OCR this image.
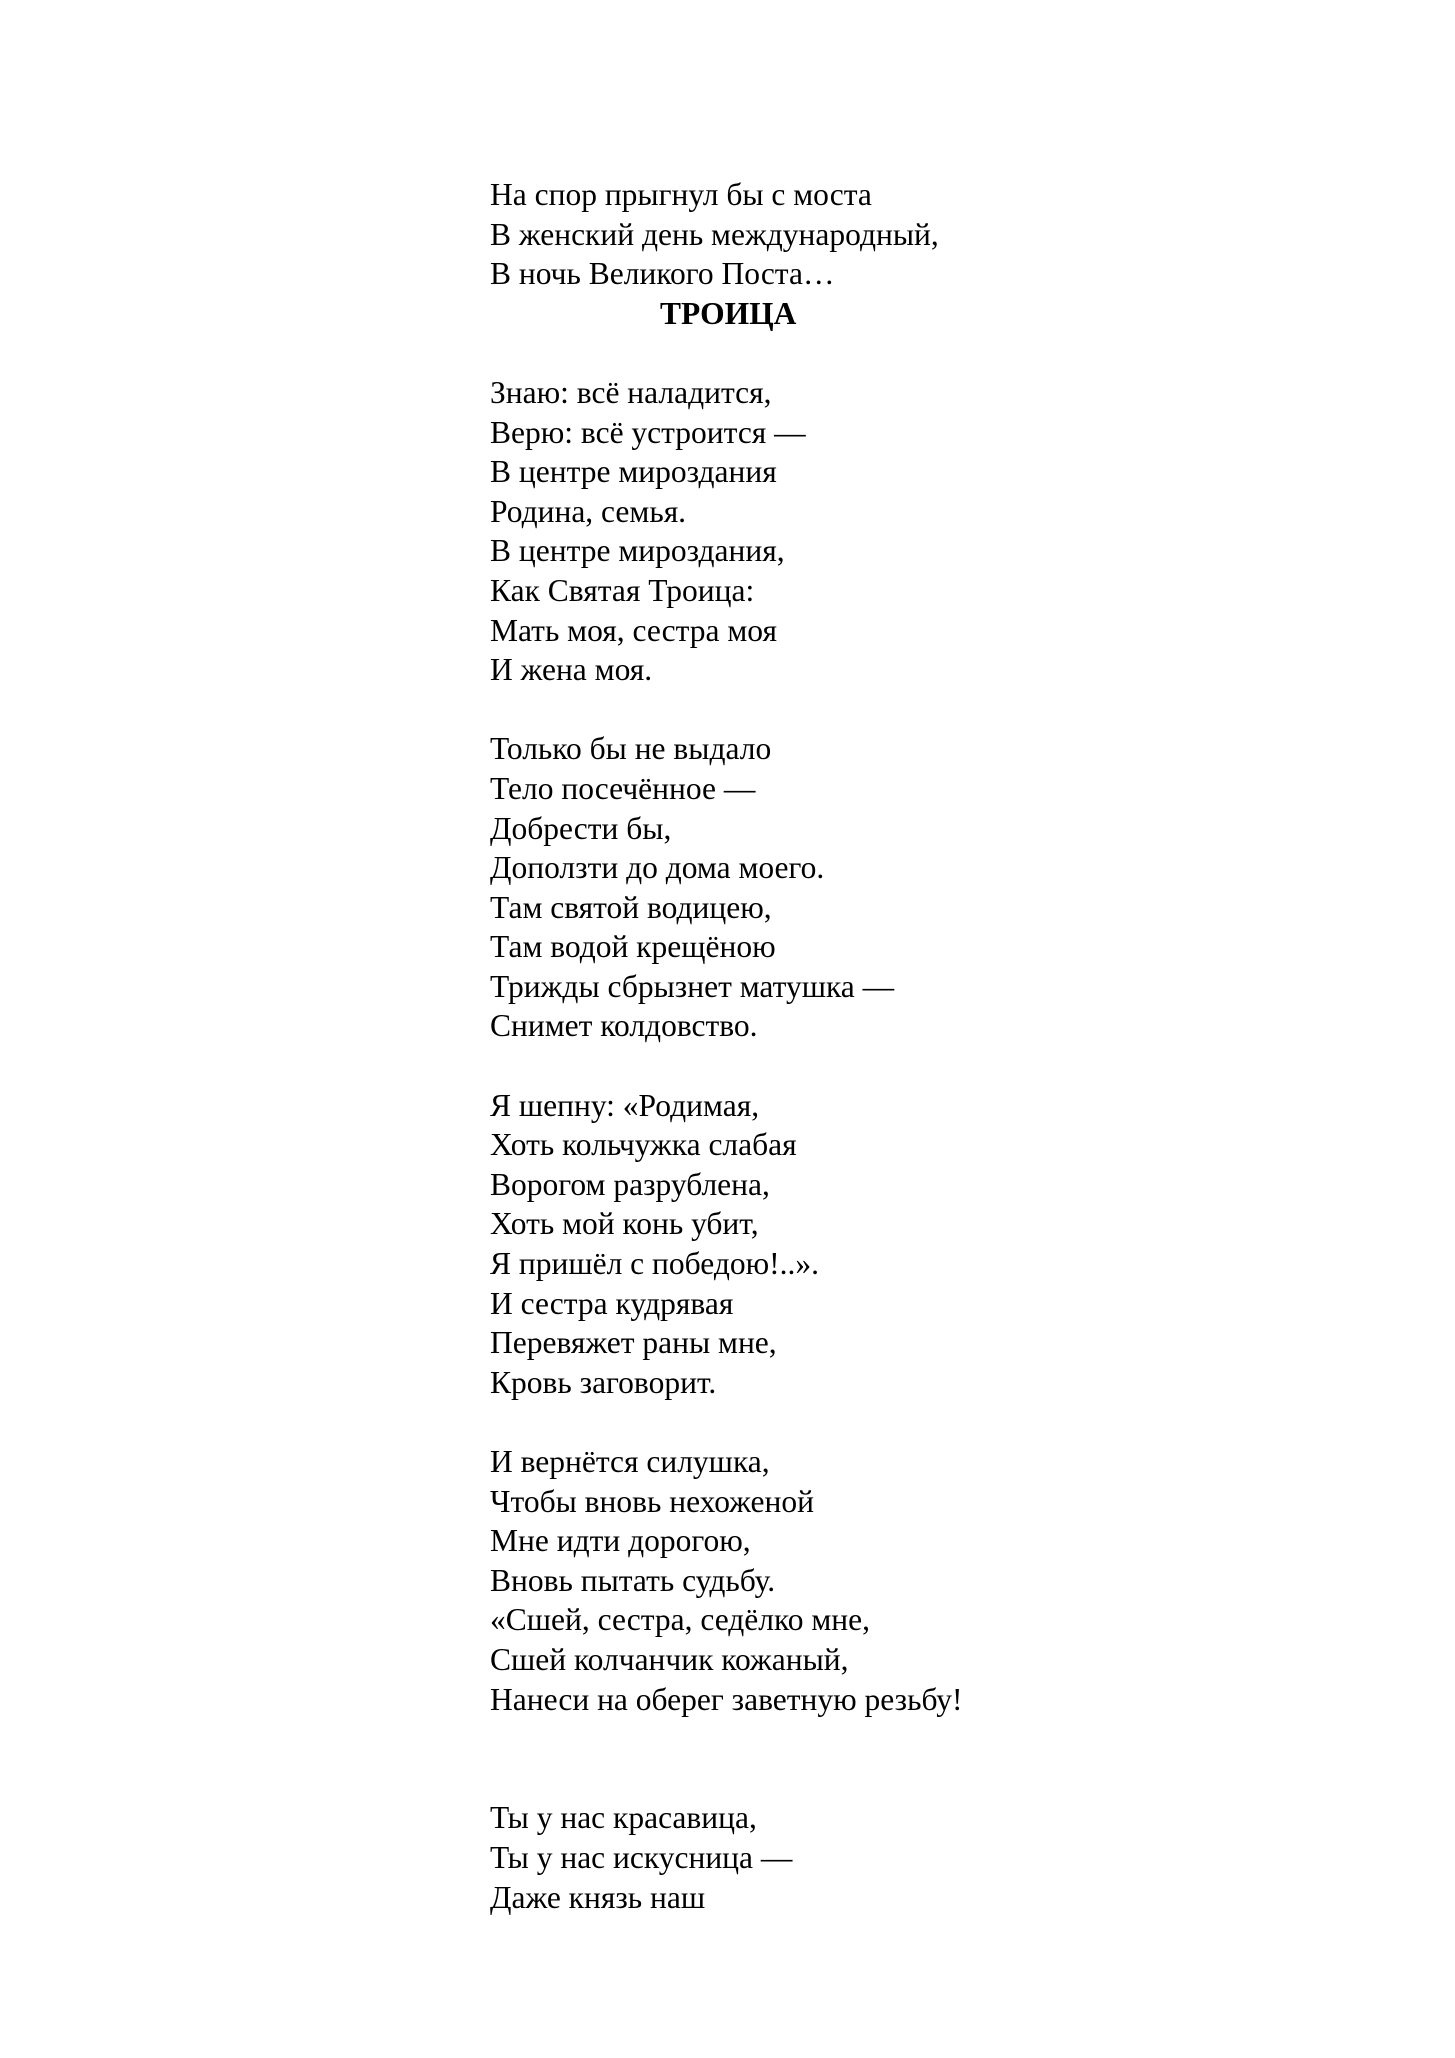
На спор прыгнул бы с моста
В женский день международный,
В ночь Великого Поста…
ТРОИЦА
Знаю: всё наладится,
Верю: всё устроится —
В центре мироздания
Родина, семья.
В центре мироздания,
Как Святая Троица:
Мать моя, сестра моя
И жена моя.
Только бы не выдало
Тело посечённое —
Добрести бы,
Доползти до дома моего.
Там святой водицею,
Там водой крещёною
Трижды сбрызнет матушка —
Снимет колдовство.
Я шепну: «Родимая,
Хоть кольчужка слабая
Ворогом разрублена,
Хоть мой конь убит,
Я пришёл с победою!..».
И сестра кудрявая
Перевяжет раны мне,
Кровь заговорит.
И вернётся силушка,
Чтобы вновь нехоженой
Мне идти дорогою,
Вновь пытать судьбу.
«Сшей, сестра, седёлко мне,
Сшей колчанчик кожаный,
Нанеси на оберег заветную резьбу!
Ты у нас красавица,
Ты у нас искусница —
Даже князь наш
